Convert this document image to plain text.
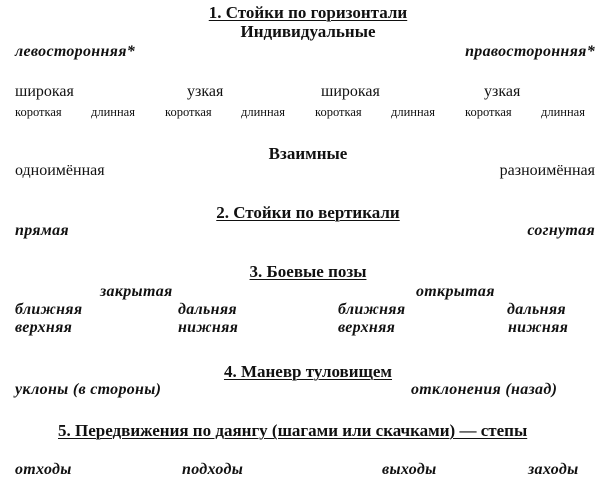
1. Стойки по горизонтали
Индивидуальные
левосторонняя*	правосторонняя*
широкая	узкая	широкая	узкая
короткая длинная короткая длинная короткая длинная короткая длинная
Взаимные
одноимённая	разноимённая
2. Стойки по вертикали
прямая	согнутая
3. Боевые позы
закрытая	открытая
ближняя	дальняя	ближняя	дальняя
верхняя	нижняя	верхняя	нижняя
4. Маневр туловищем
уклоны (в стороны)	отклонения (назад)
5. Передвижения по даянгу (шагами или скачками) — степы
отходы	подходы	выходы	заходы
